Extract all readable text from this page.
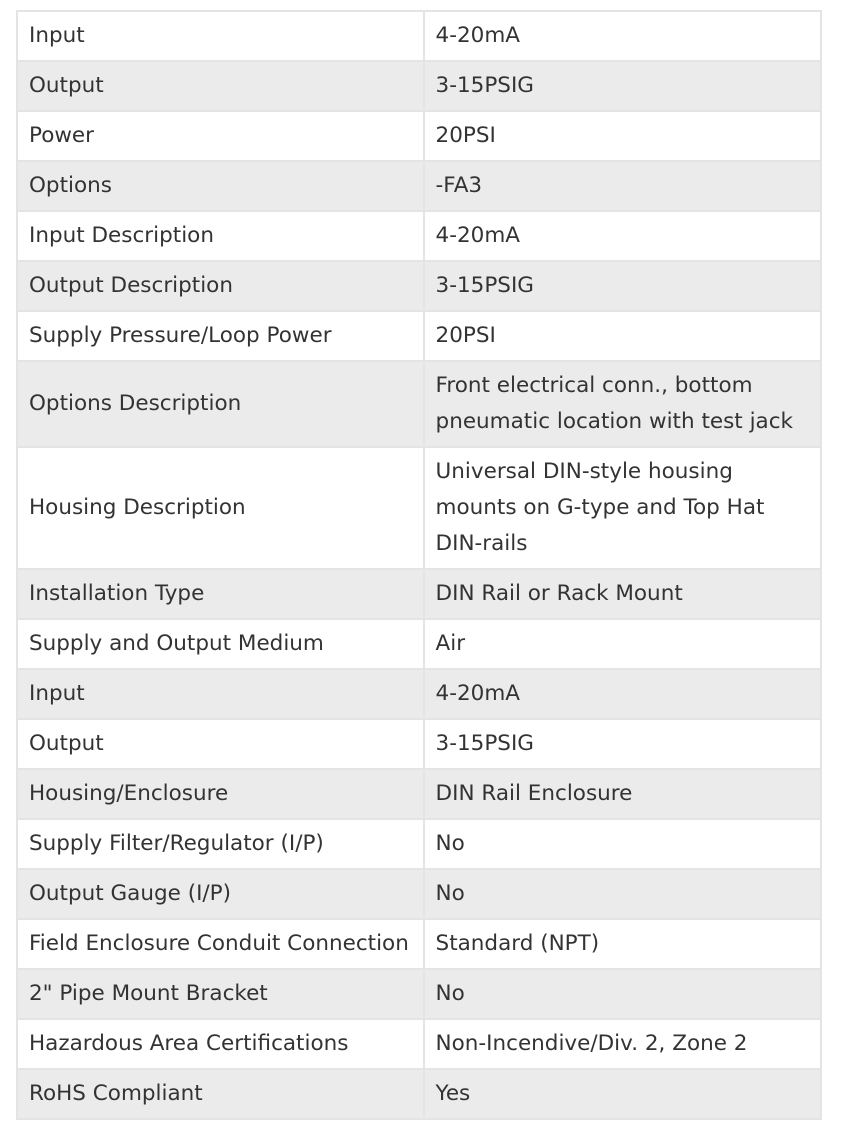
Input	4-20mA
Output	3-15PSIG
Power	20PSI
Options	-FA3
Input Description	4-20mA
Output Description	3-15PSIG
Supply Pressure/Loop Power	20PSI
Options Description	Front electrical conn., bottom pneumatic location with test jack
Housing Description	Universal DIN-style housing mounts on G-type and Top Hat DIN-rails
Installation Type	DIN Rail or Rack Mount
Supply and Output Medium	Air
Input	4-20mA
Output	3-15PSIG
Housing/Enclosure	DIN Rail Enclosure
Supply Filter/Regulator (I/P)	No
Output Gauge (I/P)	No
Field Enclosure Conduit Connection	Standard (NPT)
2" Pipe Mount Bracket	No
Hazardous Area Certifications	Non-Incendive/Div. 2, Zone 2
RoHS Compliant	Yes
